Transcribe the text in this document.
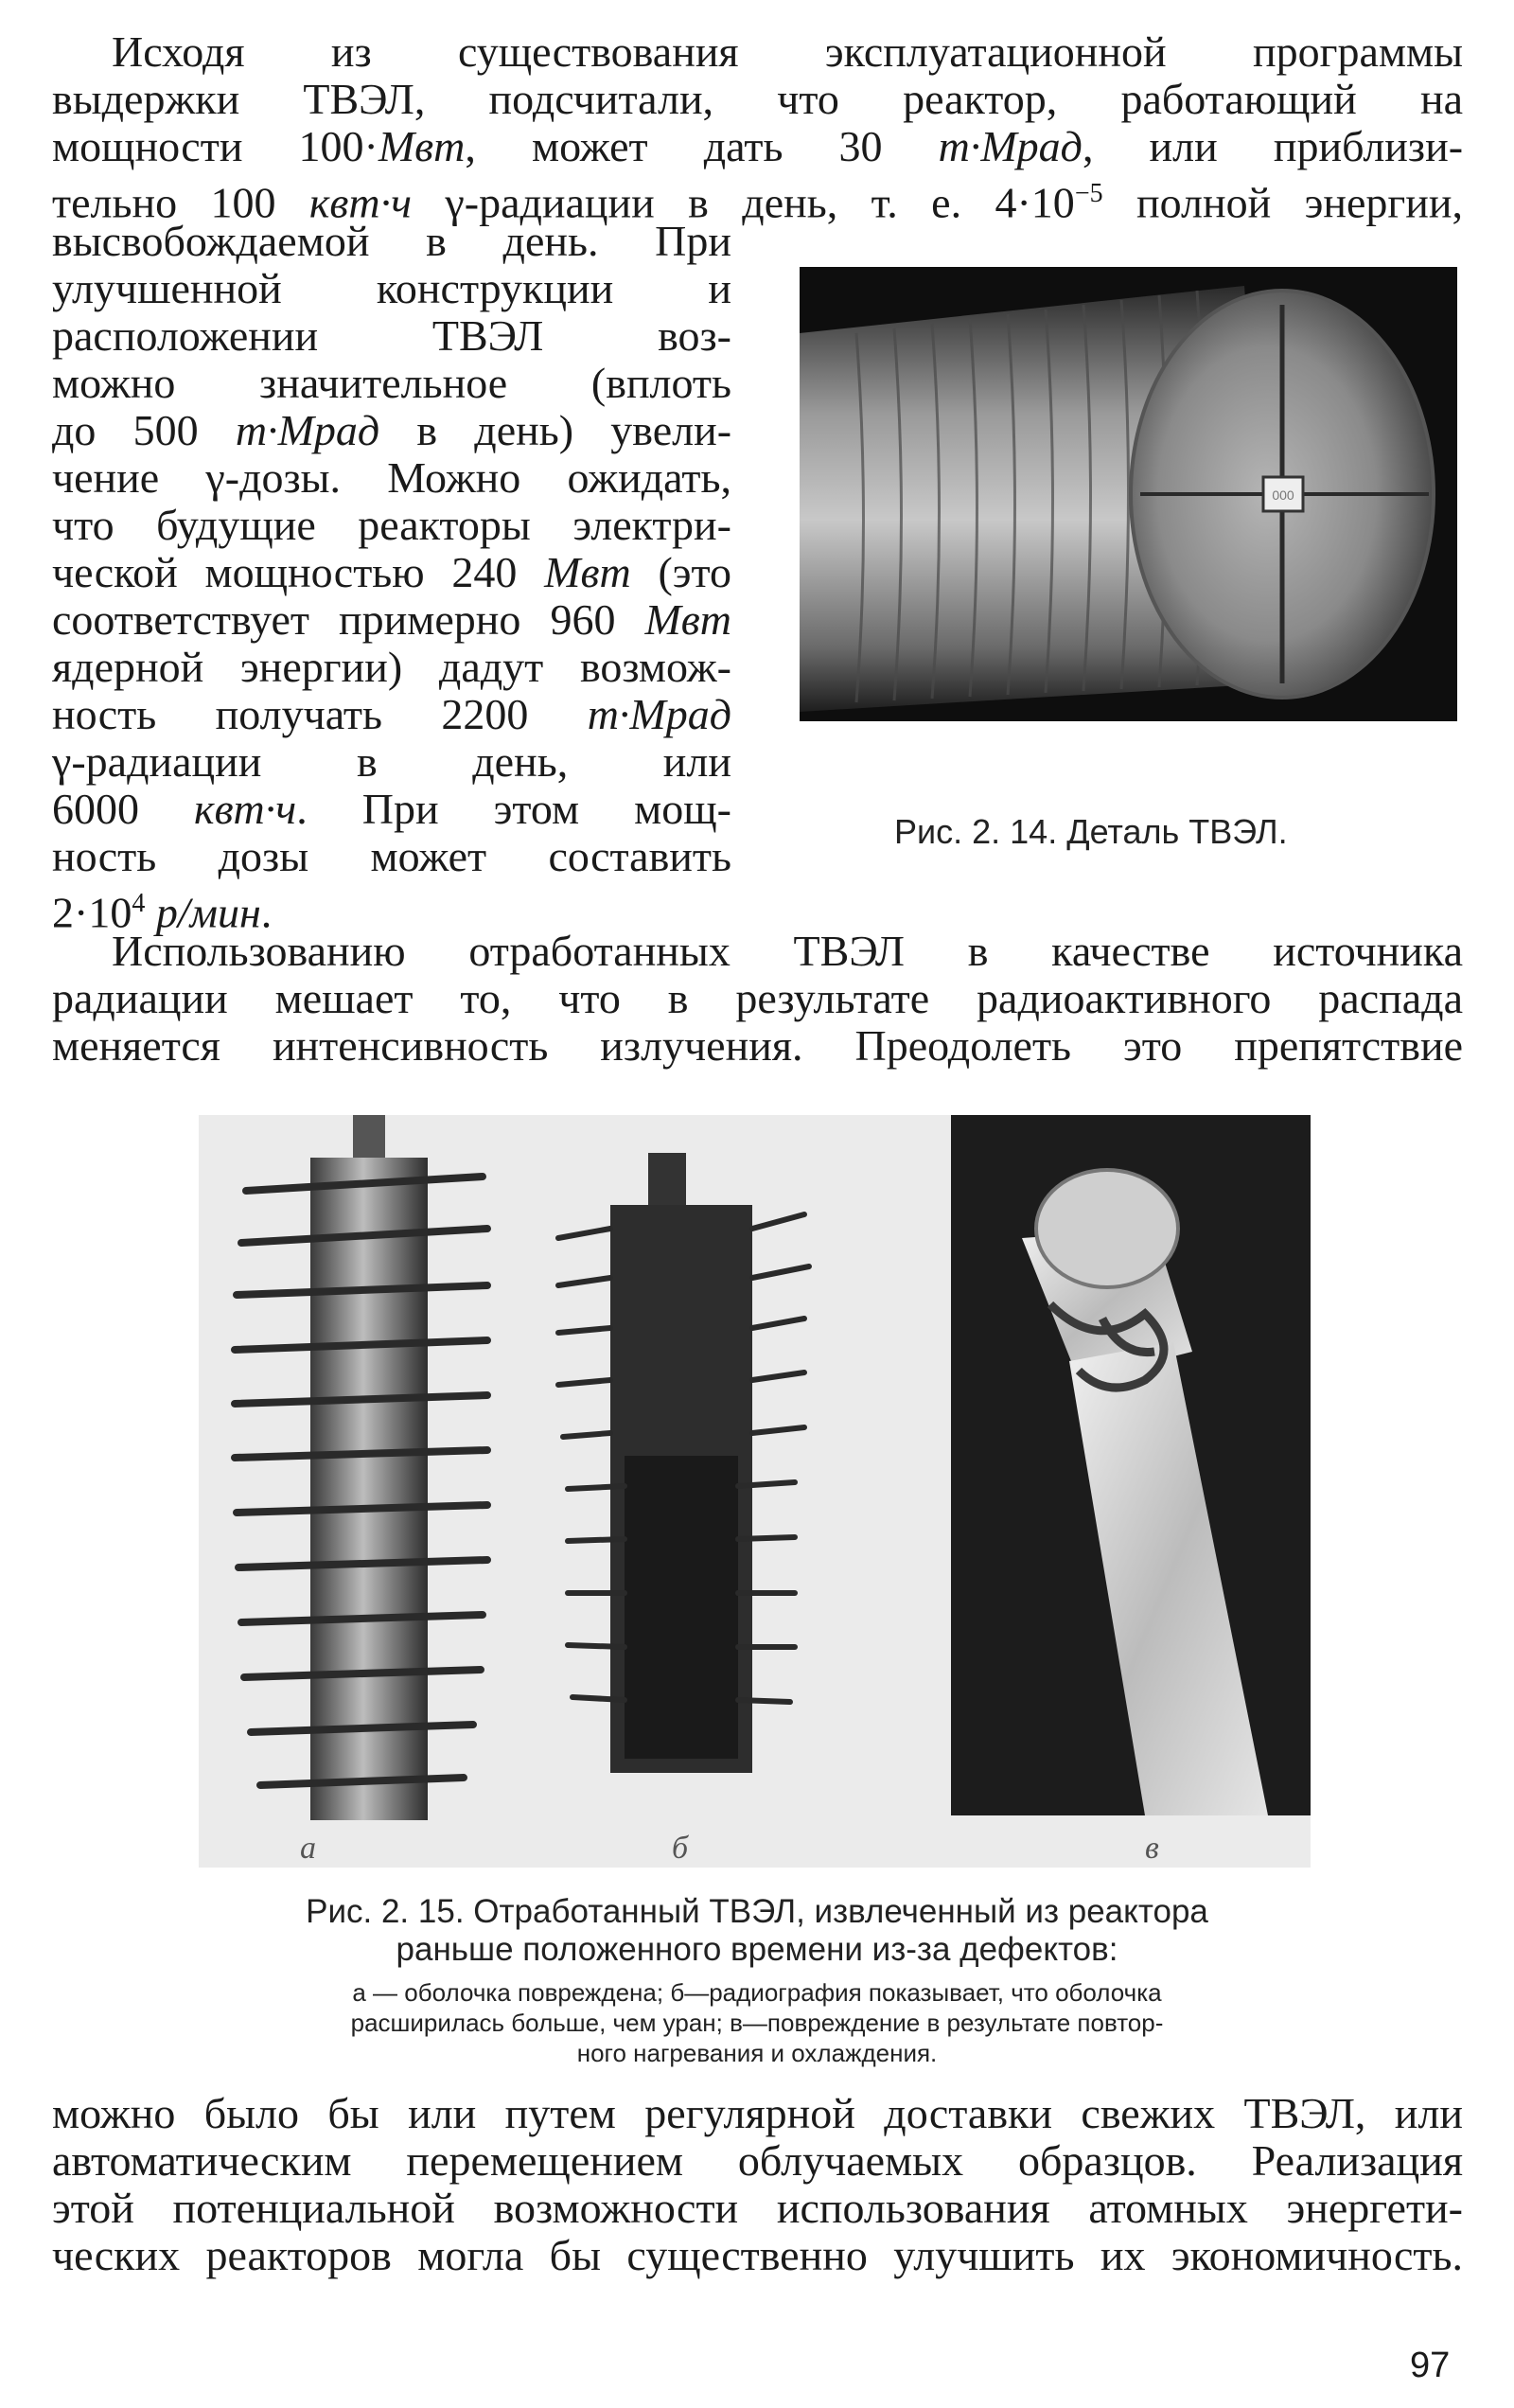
Исходя из существования эксплуатационной программы
выдержки ТВЭЛ, подсчитали, что реактор, работающий на
мощности 100·Мвт, может дать 30 т·Мрад, или приблизи-
тельно 100 квт·ч γ-радиации в день, т. е. $4\cdot 10^{-5}$ полной энергии,
высвобождаемой в день. При
улучшенной конструкции и
расположении ТВЭЛ воз-
можно значительное (вплоть
до 500 т·Мрад в день) увели-
чение γ-дозы. Можно ожидать,
что будущие реакторы электри-
ческой мощностью 240 Мвт (это
соответствует примерно 960 Мвт
ядерной энергии) дадут возмож-
ность получать 2200 т·Мрад
γ-радиации в день, или
6000 квт·ч. При этом мощ-
ность дозы может составить
$2\cdot 10^4$ р/мин.
000
Рис. 2. 14. Деталь ТВЭЛ.
Использованию отработанных ТВЭЛ в качестве источника
радиации мешает то, что в результате радиоактивного распада
меняется интенсивность излучения. Преодолеть это препятствие
а	б	в
Рис. 2. 15. Отработанный ТВЭЛ, извлеченный из реактора
раньше положенного времени из-за дефектов:
а — оболочка повреждена; б—радиография показывает, что оболочка
расширилась больше, чем уран; в—повреждение в результате повтор-
ного нагревания и охлаждения.
можно было бы или путем регулярной доставки свежих ТВЭЛ, или
автоматическим перемещением облучаемых образцов. Реализация
этой потенциальной возможности использования атомных энергети-
ческих реакторов могла бы существенно улучшить их экономичность.
97
